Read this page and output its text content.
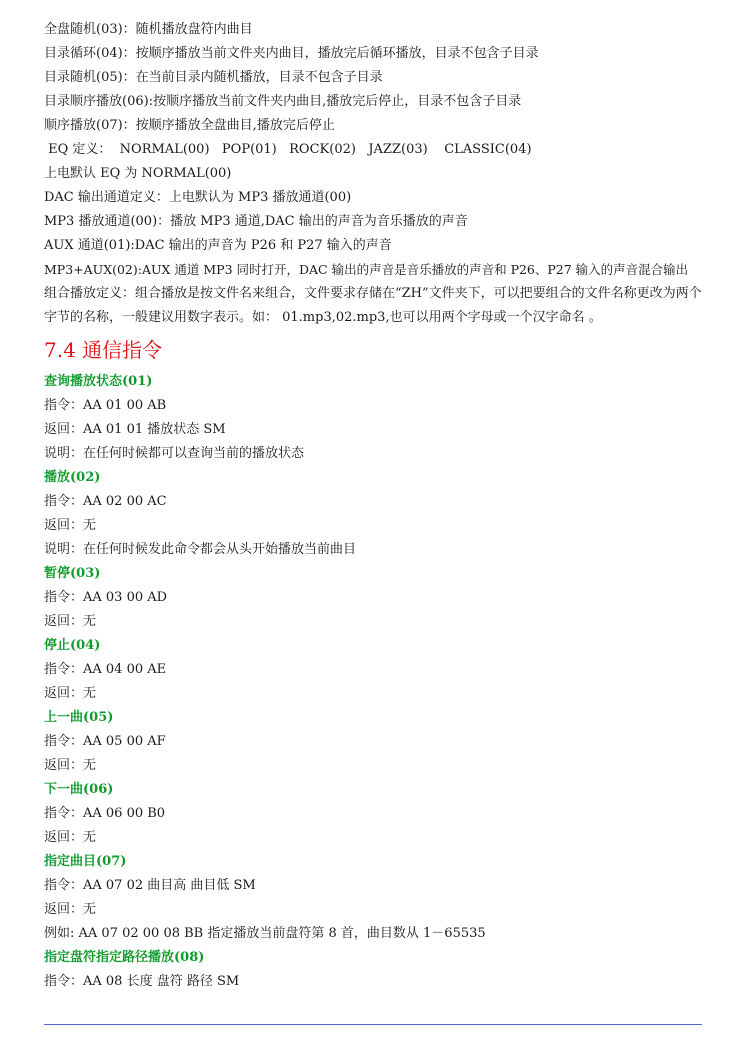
全盘随机(03)：随机播放盘符内曲目
目录循环(04)：按顺序播放当前文件夹内曲目，播放完后循环播放，目录不包含子目录
目录随机(05)：在当前目录内随机播放，目录不包含子目录
目录顺序播放(06):按顺序播放当前文件夹内曲目,播放完后停止，目录不包含子目录
顺序播放(07)：按顺序播放全盘曲目,播放完后停止
EQ 定义：  NORMAL(00)   POP(01)   ROCK(02)   JAZZ(03)    CLASSIC(04)
上电默认 EQ 为 NORMAL(00)
DAC 输出通道定义：上电默认为 MP3 播放通道(00)
MP3 播放通道(00)：播放 MP3 通道,DAC 输出的声音为音乐播放的声音
AUX 通道(01):DAC 输出的声音为 P26 和 P27 输入的声音
MP3+AUX(02):AUX 通道 MP3 同时打开，DAC 输出的声音是音乐播放的声音和 P26、P27 输入的声音混合输出
组合播放定义：组合播放是按文件名来组合，文件要求存储在“ZH”文件夹下，可以把要组合的文件名称更改为两个字节的名称，一般建议用数字表示。如： 01.mp3,02.mp3,也可以用两个字母或一个汉字命名 。
7.4 通信指令
查询播放状态(01)
指令：AA 01 00 AB
返回：AA 01 01 播放状态 SM
说明：在任何时候都可以查询当前的播放状态
播放(02)
指令：AA 02 00 AC
返回：无
说明：在任何时候发此命令都会从头开始播放当前曲目
暂停(03)
指令：AA 03 00 AD
返回：无
停止(04)
指令：AA 04 00 AE
返回：无
上一曲(05)
指令：AA 05 00 AF
返回：无
下一曲(06)
指令：AA 06 00 B0
返回：无
指定曲目(07)
指令：AA 07 02 曲目高 曲目低 SM
返回：无
例如: AA 07 02 00 08 BB 指定播放当前盘符第 8 首，曲目数从 1－65535
指定盘符指定路径播放(08)
指令：AA 08 长度 盘符 路径 SM
